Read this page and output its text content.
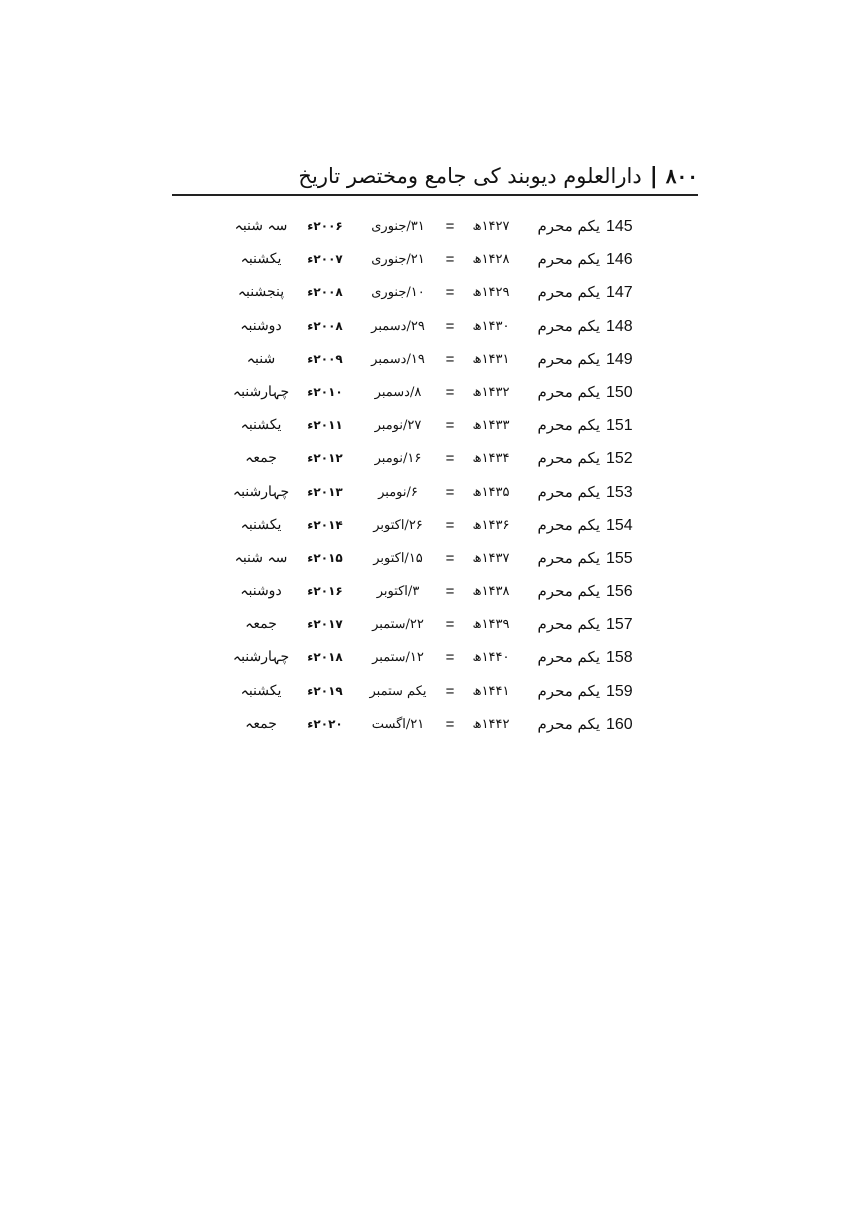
۸۰۰
|
دارالعلوم دیوبند کی جامع ومختصر تاریخ
145
یکم محرم
۱۴۲۷ھ
=
۳۱/جنوری
۲۰۰۶ء
سہ شنبہ
146
یکم محرم
۱۴۲۸ھ
=
۲۱/جنوری
۲۰۰۷ء
یکشنبہ
147
یکم محرم
۱۴۲۹ھ
=
۱۰/جنوری
۲۰۰۸ء
پنجشنبہ
148
یکم محرم
۱۴۳۰ھ
=
۲۹/دسمبر
۲۰۰۸ء
دوشنبہ
149
یکم محرم
۱۴۳۱ھ
=
۱۹/دسمبر
۲۰۰۹ء
شنبہ
150
یکم محرم
۱۴۳۲ھ
=
۸/دسمبر
۲۰۱۰ء
چہارشنبہ
151
یکم محرم
۱۴۳۳ھ
=
۲۷/نومبر
۲۰۱۱ء
یکشنبہ
152
یکم محرم
۱۴۳۴ھ
=
۱۶/نومبر
۲۰۱۲ء
جمعہ
153
یکم محرم
۱۴۳۵ھ
=
۶/نومبر
۲۰۱۳ء
چہارشنبہ
154
یکم محرم
۱۴۳۶ھ
=
۲۶/اکتوبر
۲۰۱۴ء
یکشنبہ
155
یکم محرم
۱۴۳۷ھ
=
۱۵/اکتوبر
۲۰۱۵ء
سہ شنبہ
156
یکم محرم
۱۴۳۸ھ
=
۳/اکتوبر
۲۰۱۶ء
دوشنبہ
157
یکم محرم
۱۴۳۹ھ
=
۲۲/ستمبر
۲۰۱۷ء
جمعہ
158
یکم محرم
۱۴۴۰ھ
=
۱۲/ستمبر
۲۰۱۸ء
چہارشنبہ
159
یکم محرم
۱۴۴۱ھ
=
یکم ستمبر
۲۰۱۹ء
یکشنبہ
160
یکم محرم
۱۴۴۲ھ
=
۲۱/اگست
۲۰۲۰ء
جمعہ
